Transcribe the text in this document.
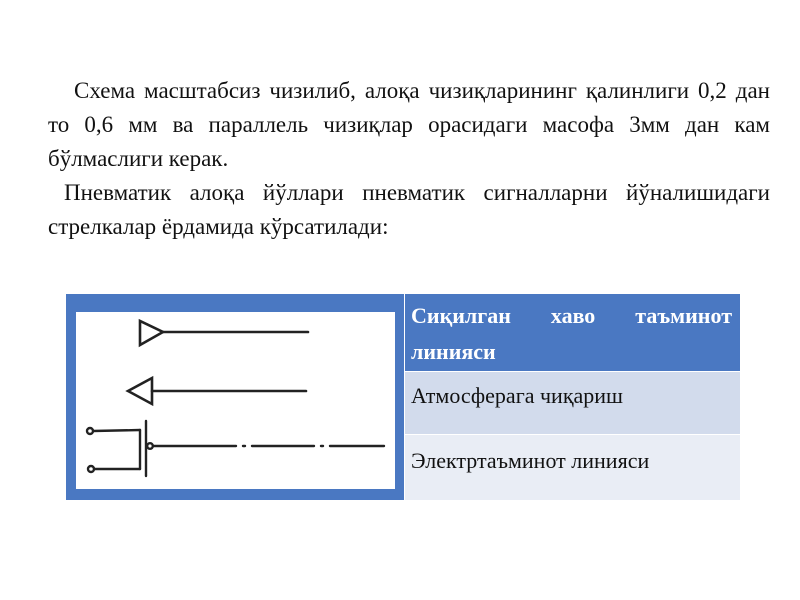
Схема масштабсиз чизилиб, алоқа чизиқларининг қалинлиги 0,2 дан то 0,6 мм ва параллель чизиқлар орасидаги масофа 3мм дан кам бўлмаслиги керак.

Пневматик алоқа йўллари пневматик сигналларни йўналишидаги стрелкалар ёрдамида кўрсатилади:

Сиқилган хаво таъминот линияси
Атмосферага чиқариш
Электртаъминот линияси
